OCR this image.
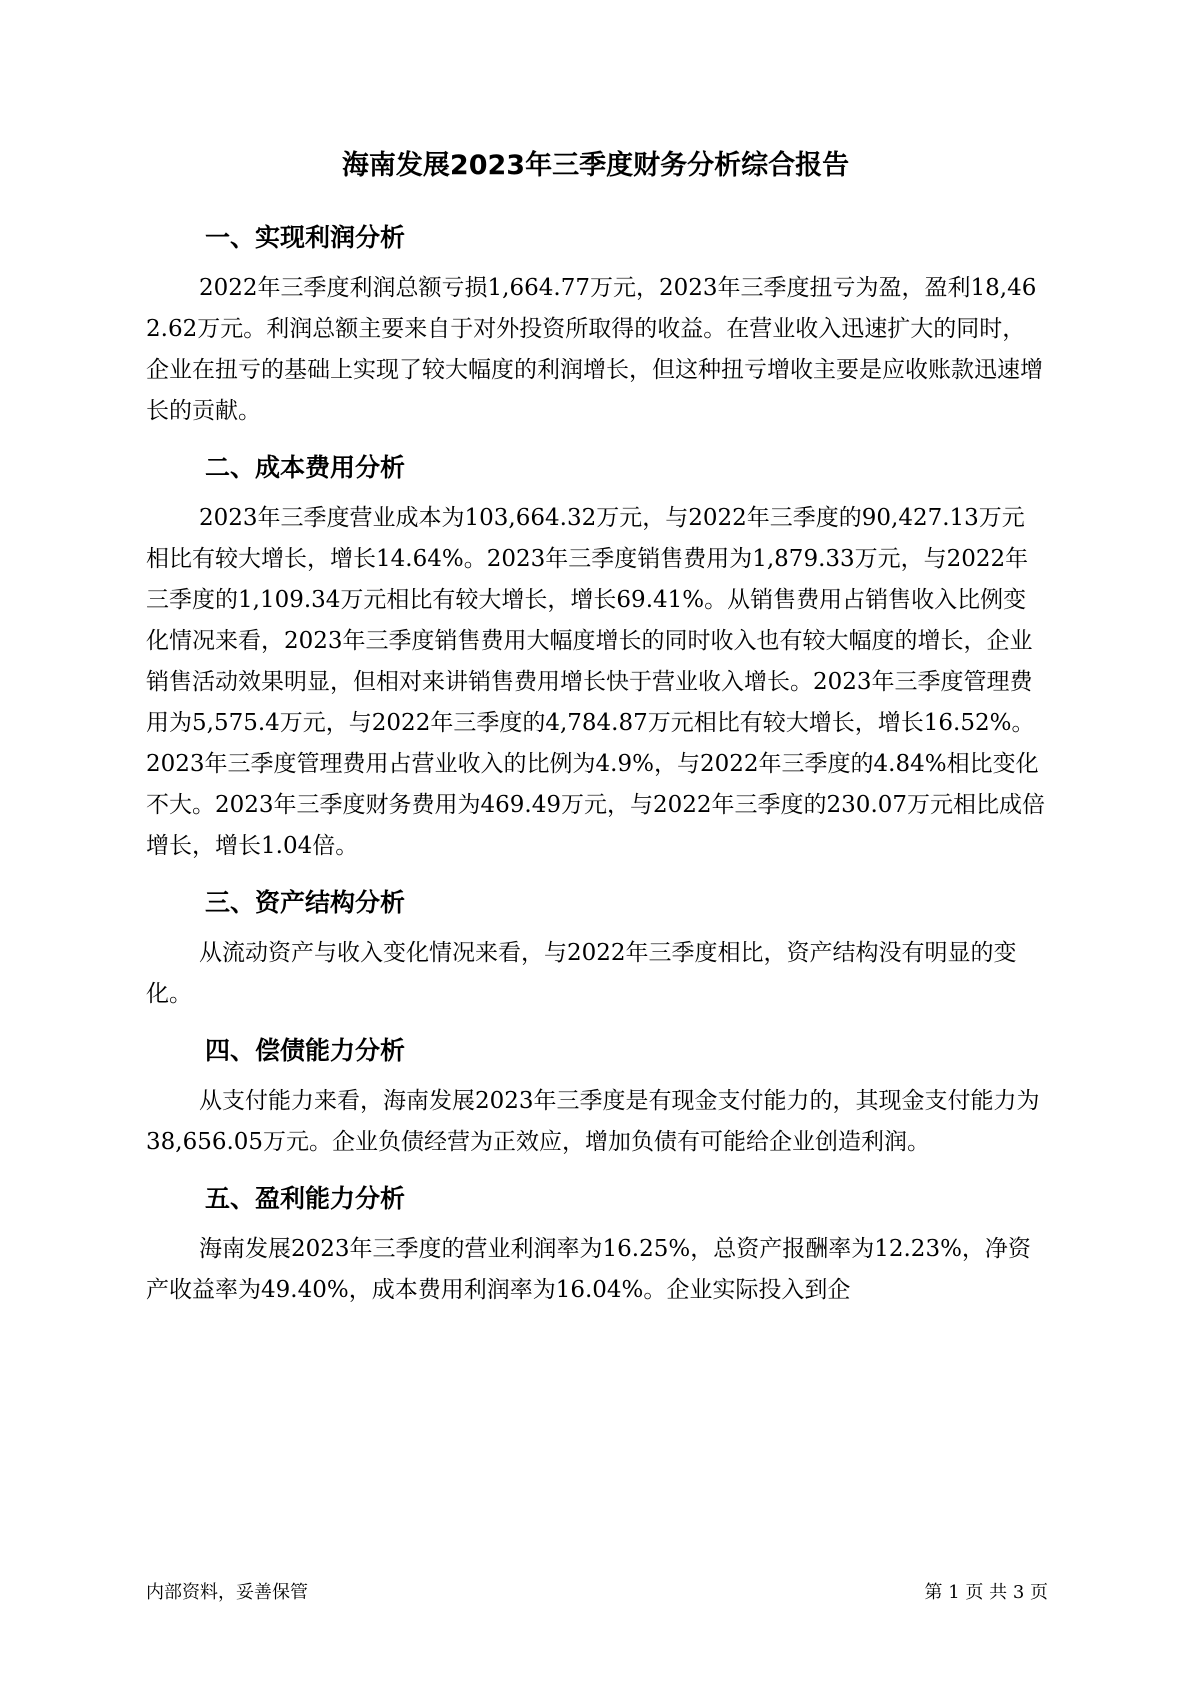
海南发展2023年三季度财务分析综合报告
一、实现利润分析

2022年三季度利润总额亏损1,664.77万元，2023年三季度扭亏为盈，盈利18,462.62万元。利润总额主要来自于对外投资所取得的收益。在营业收入迅速扩大的同时，企业在扭亏的基础上实现了较大幅度的利润增长，但这种扭亏增收主要是应收账款迅速增长的贡献。

二、成本费用分析

2023年三季度营业成本为103,664.32万元，与2022年三季度的90,427.13万元相比有较大增长，增长14.64%。2023年三季度销售费用为1,879.33万元，与2022年三季度的1,109.34万元相比有较大增长，增长69.41%。从销售费用占销售收入比例变化情况来看，2023年三季度销售费用大幅度增长的同时收入也有较大幅度的增长，企业销售活动效果明显，但相对来讲销售费用增长快于营业收入增长。2023年三季度管理费用为5,575.4万元，与2022年三季度的4,784.87万元相比有较大增长，增长16.52%。2023年三季度管理费用占营业收入的比例为4.9%，与2022年三季度的4.84%相比变化不大。2023年三季度财务费用为469.49万元，与2022年三季度的230.07万元相比成倍增长，增长1.04倍。

三、资产结构分析

从流动资产与收入变化情况来看，与2022年三季度相比，资产结构没有明显的变化。

四、偿债能力分析

从支付能力来看，海南发展2023年三季度是有现金支付能力的，其现金支付能力为38,656.05万元。企业负债经营为正效应，增加负债有可能给企业创造利润。

五、盈利能力分析

海南发展2023年三季度的营业利润率为16.25%，总资产报酬率为12.23%，净资产收益率为49.40%，成本费用利润率为16.04%。企业实际投入到企

内部资料，妥善保管	第 1 页 共 3 页
